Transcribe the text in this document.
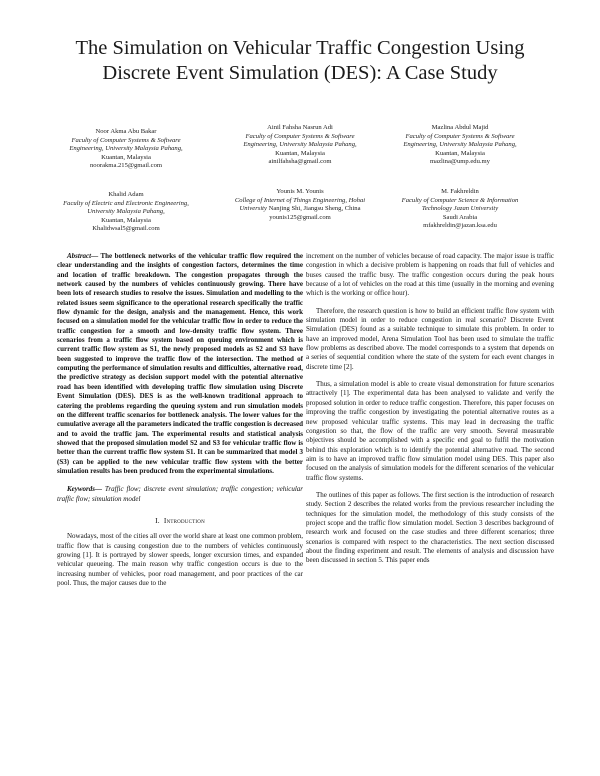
The Simulation on Vehicular Traffic Congestion Using Discrete Event Simulation (DES): A Case Study
Noor Akma Abu Bakar
Faculty of Computer Systems & Software Engineering, University Malaysia Pahang,
Kuantan, Malaysia
noorakma.215@gmail.com
Ainil Fahsha Nasrun Adi
Faculty of Computer Systems & Software Engineering, University Malaysia Pahang,
Kuantan, Malaysia
ainilfahsha@gmail.com
Mazlina Abdul Majid
Faculty of Computer Systems & Software Engineering, University Malaysia Pahang,
Kuantan, Malaysia
mazlina@ump.edu.my
Khalid Adam
Faculty of Electric and Electronic Engineering, University Malaysia Pahang,
Kuantan, Malaysia
Khalidwsal5@gmail.com
Younis M. Younis
College of Internet of Things Engineering, Hohai University Nanjing Shi, Jiangsu Sheng, China
younis125@gmail.com
M. Fakhreldin
Faculty of Computer Science & Information Technology Jazan University
Saudi Arabia
mfakhreldin@jazan.ksa.edu

Abstract— The bottleneck networks of the vehicular traffic flow required the clear understanding and the insights of congestion factors, determines the time and location of traffic breakdown. The congestion propagates through the network caused by the numbers of vehicles continuously growing. There have been lots of research studies to resolve the issues. Simulation and modelling to the related issues seem significance to the operational research specifically the traffic flow dynamic for the design, analysis and the management. Hence, this work focused on a simulation model for the vehicular traffic flow in order to reduce the traffic congestion for a smooth and low-density traffic flow system. Three scenarios from a traffic flow system based on queuing environment which is current traffic flow system as S1, the newly proposed models as S2 and S3 have been suggested to improve the traffic flow of the intersection. The method of computing the performance of simulation results and difficulties, alternative road, the predictive strategy as decision support model with the potential alternative road has been identified with developing traffic flow simulation using Discrete Event Simulation (DES). DES is as the well-known traditional approach to catering the problems regarding the queuing system and run simulation models on the different traffic scenarios for bottleneck analysis. The lower values for the cumulative average all the parameters indicated the traffic congestion is decreased and to avoid the traffic jam. The experimental results and statistical analysis showed that the proposed simulation model S2 and S3 for vehicular traffic flow is better than the current traffic flow system S1. It can be summarized that model 3 (S3) can be applied to the new vehicular traffic flow system with the better simulation results has been produced from the experimental simulations.

Keywords— Traffic flow; discrete event simulation; traffic congestion; vehicular traffic flow; simulation model

I. Introduction

Nowadays, most of the cities all over the world share at least one common problem, traffic flow that is causing congestion due to the numbers of vehicles continuously growing [1]. It is portrayed by slower speeds, longer excursion times, and expanded vehicular queueing. The main reason why traffic congestion occurs is due to the increasing number of vehicles, poor road management, and poor practices of the car pool. Thus, the major causes due to the

increment on the number of vehicles because of road capacity. The major issue is traffic congestion in which a decisive problem is happening on roads that full of vehicles and buses caused the traffic busy. The traffic congestion occurs during the peak hours because of a lot of vehicles on the road at this time (usually in the morning and evening which is the working or office hour).

Therefore, the research question is how to build an efficient traffic flow system with simulation model in order to reduce congestion in real scenario? Discrete Event Simulation (DES) found as a suitable technique to simulate this problem. In order to have an improved model, Arena Simulation Tool has been used to simulate the traffic flow problems as described above. The model corresponds to a system that depends on a series of sequential condition where the state of the system for each event changes in discrete time [2].

Thus, a simulation model is able to create visual demonstration for future scenarios attractively [1]. The experimental data has been analysed to validate and verify the proposed solution in order to reduce traffic congestion. Therefore, this paper focuses on improving the traffic congestion by investigating the potential alternative routes as a new proposed vehicular traffic systems. This may lead in decreasing the traffic congestion so that, the flow of the traffic are very smooth. Several measurable objectives should be accomplished with a specific end goal to fulfil the motivation behind this exploration which is to identify the potential alternative road. The second aim is to have an improved traffic flow simulation model using DES. This paper also focused on the analysis of simulation models for the different scenarios of the vehicular traffic flow systems.

The outlines of this paper as follows. The first section is the introduction of research study. Section 2 describes the related works from the previous researcher including the techniques for the simulation model, the methodology of this study consists of the project scope and the traffic flow simulation model. Section 3 describes background of research work and focused on the case studies and three different scenarios; three scenarios is compared with respect to the characteristics. The next section discussed about the finding experiment and result. The elements of analysis and discussion have been discussed in section 5. This paper ends
